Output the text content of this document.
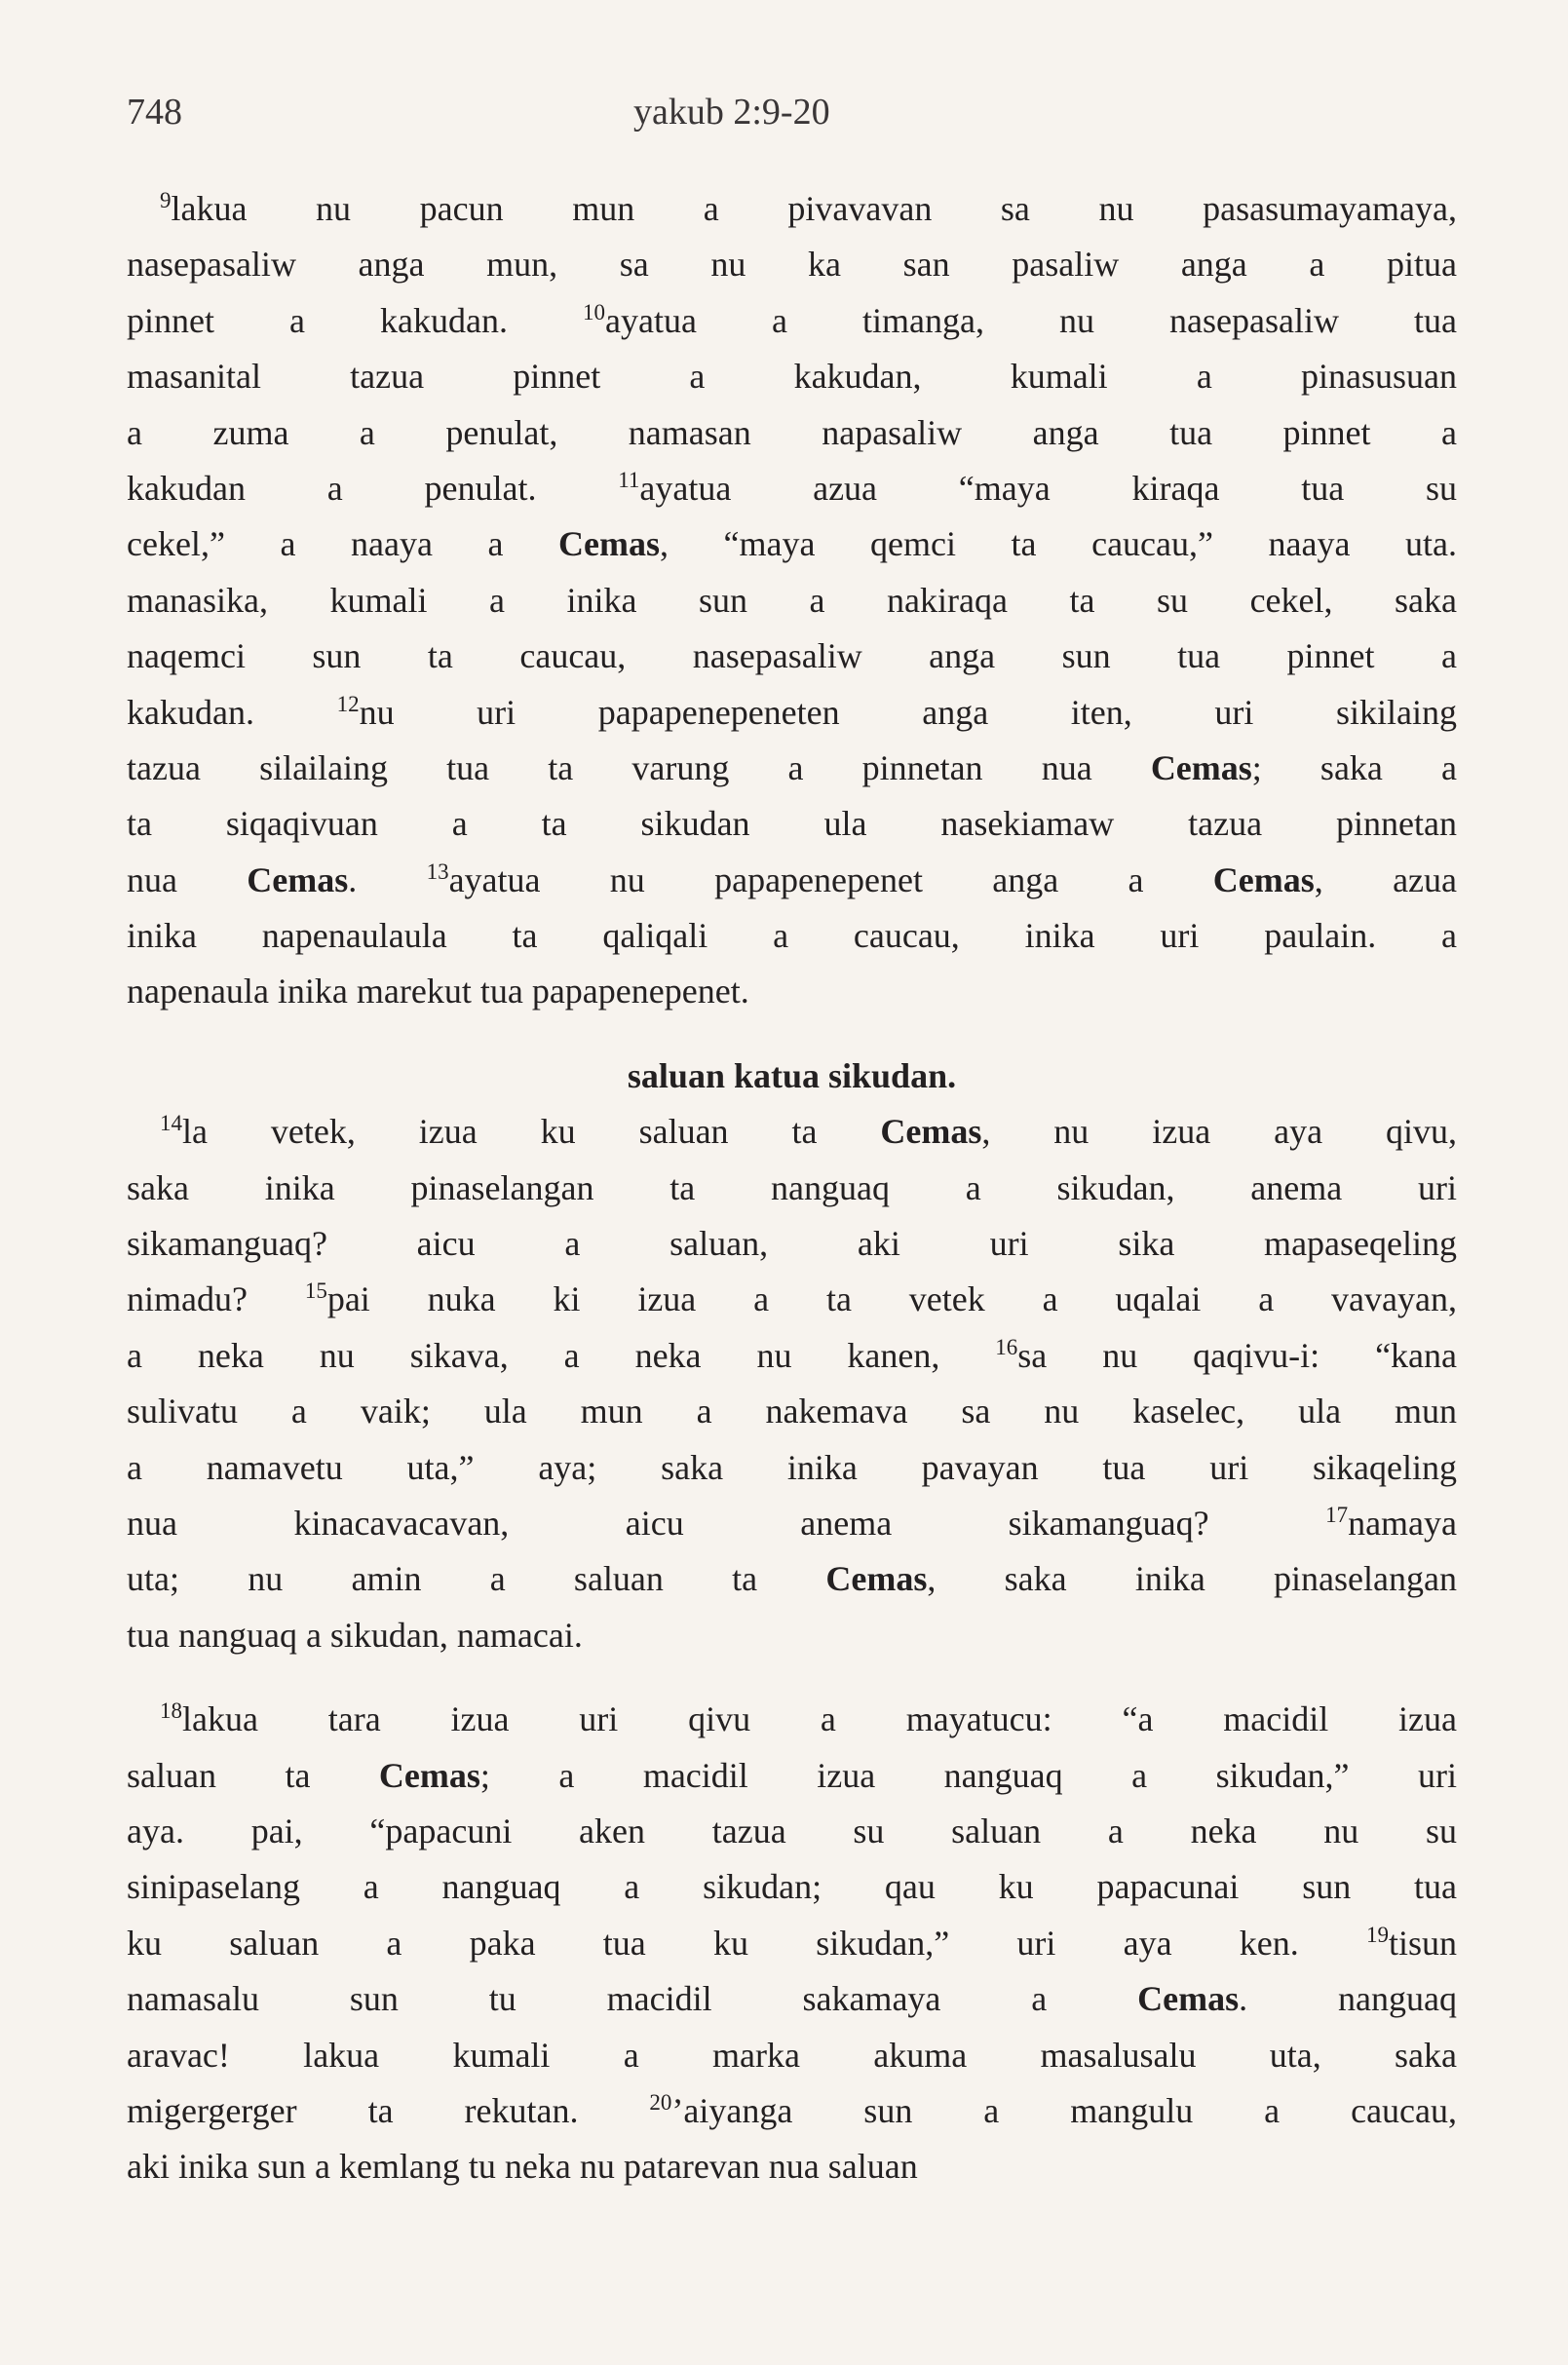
748	yakub 2:9-20
$^9$lakua nu pacun mun a pivavavan sa nu pasasumayamaya,
nasepasaliw anga mun, sa nu ka san pasaliw anga a pitua
pinnet a kakudan. $^{10}$ayatua a timanga, nu nasepasaliw tua
masanital tazua pinnet a kakudan, kumali a pinasusuan
a zuma a penulat, namasan napasaliw anga tua pinnet a
kakudan a penulat. $^{11}$ayatua azua “maya kiraqa tua su
cekel,” a naaya a Cemas, “maya qemci ta caucau,” naaya uta.
manasika, kumali a inika sun a nakiraqa ta su cekel, saka
naqemci sun ta caucau, nasepasaliw anga sun tua pinnet a
kakudan. $^{12}$nu uri papapenepeneten anga iten, uri sikilaing
tazua silailaing tua ta varung a pinnetan nua Cemas; saka a
ta siqaqivuan a ta sikudan ula nasekiamaw tazua pinnetan
nua Cemas. $^{13}$ayatua nu papapenepenet anga a Cemas, azua
inika napenaulaula ta qaliqali a caucau, inika uri paulain. a
napenaula inika marekut tua papapenepenet.
saluan katua sikudan.
$^{14}$la vetek, izua ku saluan ta Cemas, nu izua aya qivu,
saka inika pinaselangan ta nanguaq a sikudan, anema uri
sikamanguaq? aicu a saluan, aki uri sika mapaseqeling
nimadu? $^{15}$pai nuka ki izua a ta vetek a uqalai a vavayan,
a neka nu sikava, a neka nu kanen, $^{16}$sa nu qaqivu-i: “kana
sulivatu a vaik; ula mun a nakemava sa nu kaselec, ula mun
a namavetu uta,” aya; saka inika pavayan tua uri sikaqeling
nua kinacavacavan, aicu anema sikamanguaq? $^{17}$namaya
uta; nu amin a saluan ta Cemas, saka inika pinaselangan
tua nanguaq a sikudan, namacai.
$^{18}$lakua tara izua uri qivu a mayatucu: “a macidil izua
saluan ta Cemas; a macidil izua nanguaq a sikudan,” uri
aya. pai, “papacuni aken tazua su saluan a neka nu su
sinipaselang a nanguaq a sikudan; qau ku papacunai sun tua
ku saluan a paka tua ku sikudan,” uri aya ken. $^{19}$tisun
namasalu sun tu macidil sakamaya a Cemas. nanguaq
aravac! lakua kumali a marka akuma masalusalu uta, saka
migergerger ta rekutan. $^{20}$’aiyanga sun a mangulu a caucau,
aki inika sun a kemlang tu neka nu patarevan nua saluan
